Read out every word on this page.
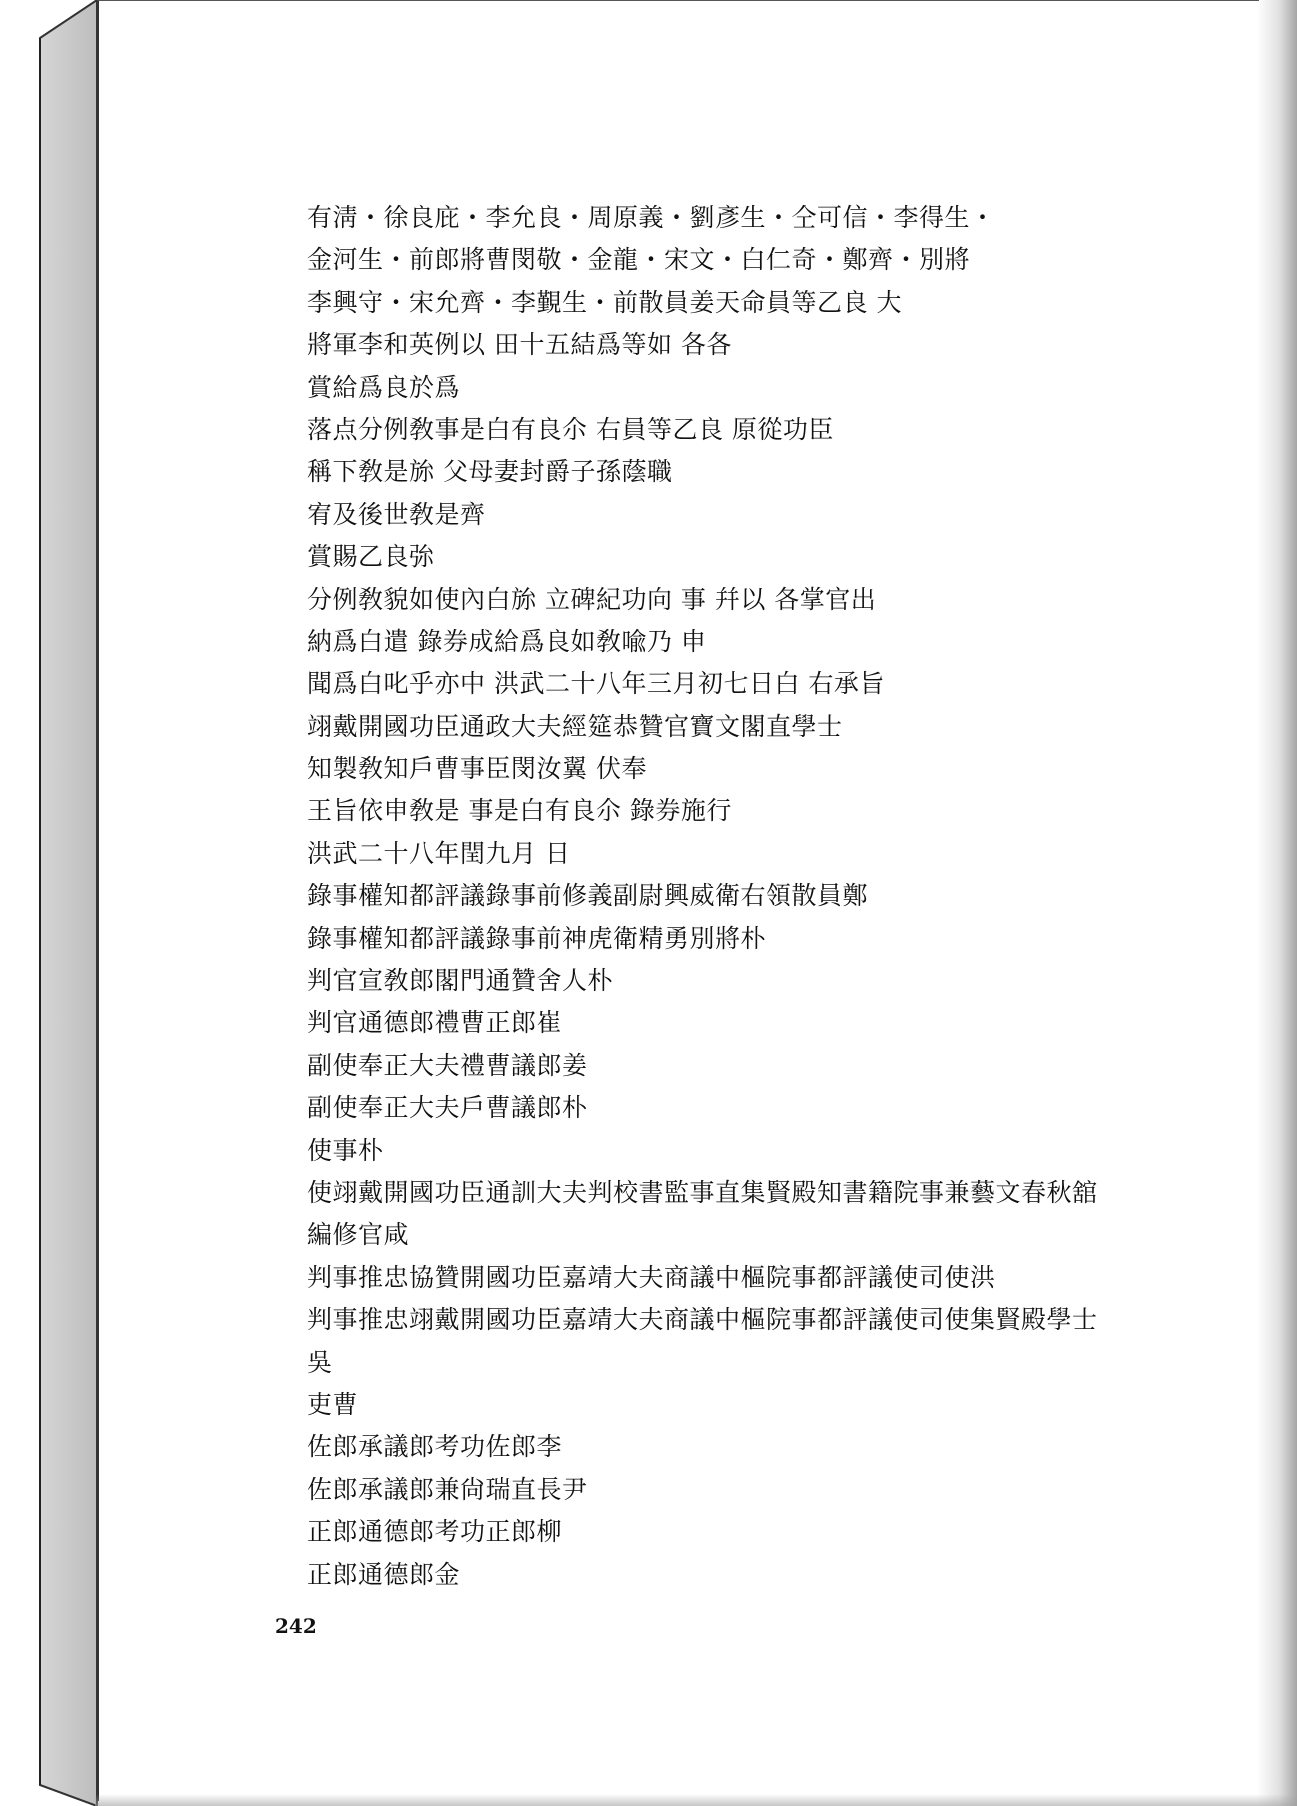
有淸・徐良庇・李允良・周原義・劉彥生・仝可信・李得生・
金河生・前郎將曹閔敬・金龍・宋文・白仁奇・鄭齊・別將
李興守・宋允齊・李覲生・前散員姜天命員等乙良 大
將軍李和英例以 田十五結爲等如 各各
賞給爲良於爲
落点分例敎事是白有良尒 右員等乙良 原從功臣
稱下敎是旀 父母妻封爵子孫蔭職
宥及後世敎是齊
賞賜乙良㢱
分例敎貌如使內白旀 立碑紀功向 事 幷以 各掌官出
納爲白遣 錄券成給爲良如敎喩乃 申
聞爲白叱乎亦中 洪武二十八年三月初七日白 右承旨
翊戴開國功臣通政大夫經筵恭贊官寶文閣直學士
知製敎知戶曹事臣閔汝翼 伏奉
王旨依申敎是 事是白有良尒 錄券施行
洪武二十八年閏九月 日
錄事權知都評議錄事前修義副尉興威衛右領散員鄭
錄事權知都評議錄事前神虎衛精勇別將朴
判官宣敎郎閣門通贊舍人朴
判官通德郎禮曹正郎崔
副使奉正大夫禮曹議郎姜
副使奉正大夫戶曹議郎朴
使事朴
使翊戴開國功臣通訓大夫判校書監事直集賢殿知書籍院事兼藝文春秋舘
編修官咸
判事推忠協贊開國功臣嘉靖大夫商議中樞院事都評議使司使洪
判事推忠翊戴開國功臣嘉靖大夫商議中樞院事都評議使司使集賢殿學士
吳
吏曹
佐郎承議郎考功佐郎李
佐郎承議郎兼尙瑞直長尹
正郎通德郎考功正郎柳
正郎通德郎金
242
